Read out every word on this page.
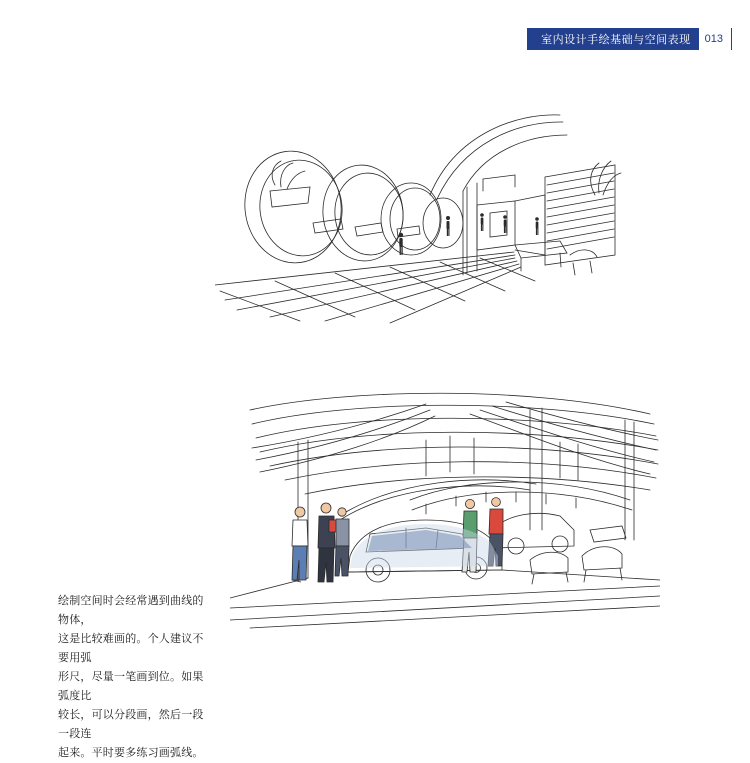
室内设计手绘基础与空间表现	013

绘制空间时会经常遇到曲线的物体，

这是比较难画的。个人建议不要用弧

形尺，尽量一笔画到位。如果弧度比

较长，可以分段画，然后一段一段连

起来。平时要多练习画弧线。
